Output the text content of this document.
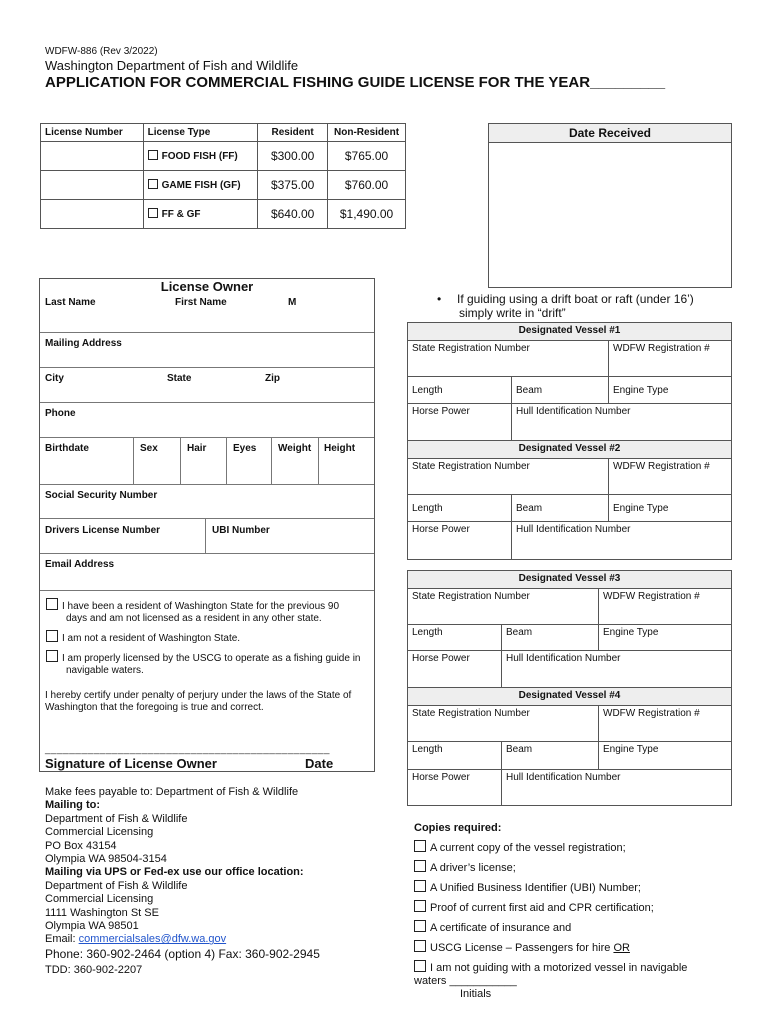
WDFW-886 (Rev 3/2022)
Washington Department of Fish and Wildlife
APPLICATION FOR COMMERCIAL FISHING GUIDE LICENSE FOR THE YEAR_________
License Number	License Type	Resident	Non-Resident
	FOOD FISH (FF)	$300.00	$765.00
	GAME FISH (GF)	$375.00	$760.00
	FF & GF	$640.00	$1,490.00
Date Received
License Owner
Last Name	First Name	M
Mailing Address
City	State	Zip
Phone
Birthdate	Sex	Hair	Eyes Weight Height
Social Security Number
Drivers License Number	UBI Number
Email Address
I have been a resident of Washington State for the previous 90
days and am not licensed as a resident in any other state.
I am not a resident of Washington State.
I am properly licensed by the USCG to operate as a fishing guide in
navigable waters.
I hereby certify under penalty of perjury under the laws of the State of
Washington that the foregoing is true and correct.
_______________________________________________
Signature of License Owner	Date
• If guiding using a drift boat or raft (under 16’)
simply write in “drift”
Designated Vessel #1		
State Registration Number		WDFW Registration #
Length	Beam	Engine Type
Horse Power	Hull Identification Number	
Designated Vessel #2		
State Registration Number		WDFW Registration #
Length	Beam	Engine Type
Horse Power	Hull Identification Number	
Designated Vessel #3		
State Registration Number		WDFW Registration #
Length	Beam	Engine Type
Horse Power	Hull Identification Number	
Designated Vessel #4		
State Registration Number		WDFW Registration #
Length	Beam	Engine Type
Horse Power	Hull Identification Number	
Make fees payable to: Department of Fish & Wildlife
Mailing to:
Department of Fish & Wildlife
Commercial Licensing
PO Box 43154
Olympia WA 98504-3154
Mailing via UPS or Fed-ex use our office location:
Department of Fish & Wildlife
Commercial Licensing
1111 Washington St SE
Olympia WA 98501
Email: commercialsales@dfw.wa.gov
Phone: 360-902-2464 (option 4) Fax: 360-902-2945
TDD: 360-902-2207
Copies required:
A current copy of the vessel registration;
A driver’s license;
A Unified Business Identifier (UBI) Number;
Proof of current first aid and CPR certification;
A certificate of insurance and
USCG License – Passengers for hire OR
I am not guiding with a motorized vessel in navigable
waters ___________
Initials
